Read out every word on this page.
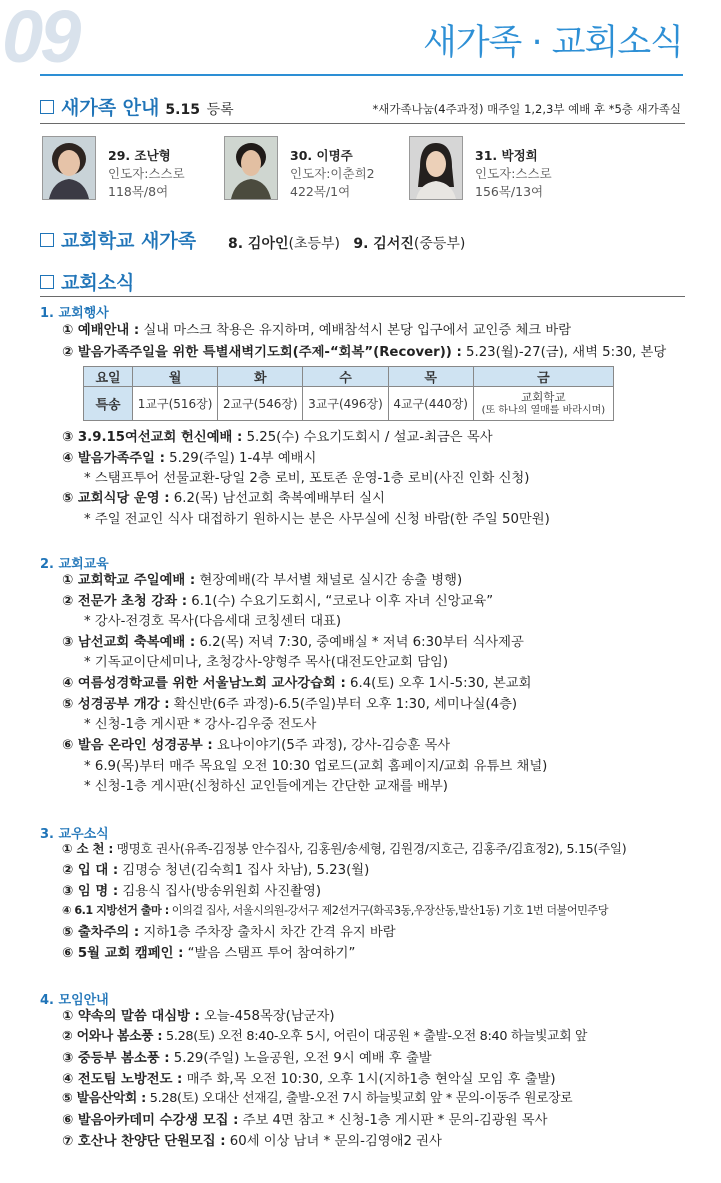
09	새가족 · 교회소식
새가족 안내 5.15 등록	*새가족나눔(4주과정) 매주일 1,2,3부 예배 후 *5층 새가족실
29. 조난형
인도자:스스로
118목/8여
30. 이명주
인도자:이춘희2
422목/1여
31. 박정희
인도자:스스로
156목/13여
교회학교 새가족 8. 김아인(초등부) 9. 김서진(중등부)
교회소식
1. 교회행사
① 예배안내 : 실내 마스크 착용은 유지하며, 예배참석시 본당 입구에서 교인증 체크 바람
② 발음가족주일을 위한 특별새벽기도회(주제-“회복”(Recover)) : 5.23(월)-27(금), 새벽 5:30, 본당
요일	월	화	수	목	금
특송	1교구(516장)	2교구(546장)	3교구(496장)	4교구(440장)	교회학교
(또 하나의 열매를 바라시며)
③ 3.9.15여선교회 헌신예배 : 5.25(수) 수요기도회시 / 설교-최금은 목사
④ 발음가족주일 : 5.29(주일) 1-4부 예배시
* 스탬프투어 선물교환-당일 2층 로비, 포토존 운영-1층 로비(사진 인화 신청)
⑤ 교회식당 운영 : 6.2(목) 남선교회 축복예배부터 실시
* 주일 전교인 식사 대접하기 원하시는 분은 사무실에 신청 바람(한 주일 50만원)
2. 교회교육
① 교회학교 주일예배 : 현장예배(각 부서별 채널로 실시간 송출 병행)
② 전문가 초청 강좌 : 6.1(수) 수요기도회시, “코로나 이후 자녀 신앙교육”
* 강사-전경호 목사(다음세대 코칭센터 대표)
③ 남선교회 축복예배 : 6.2(목) 저녁 7:30, 중예배실 * 저녁 6:30부터 식사제공
* 기독교이단세미나, 초청강사-양형주 목사(대전도안교회 담임)
④ 여름성경학교를 위한 서울남노회 교사강습회 : 6.4(토) 오후 1시-5:30, 본교회
⑤ 성경공부 개강 : 확신반(6주 과정)-6.5(주일)부터 오후 1:30, 세미나실(4층)
* 신청-1층 게시판 * 강사-김우중 전도사
⑥ 발음 온라인 성경공부 : 요나이야기(5주 과정), 강사-김승훈 목사
* 6.9(목)부터 매주 목요일 오전 10:30 업로드(교회 홈페이지/교회 유튜브 채널)
* 신청-1층 게시판(신청하신 교인들에게는 간단한 교재를 배부)
3. 교우소식
① 소 천 : 맹명호 권사(유족-김정봉 안수집사, 김홍원/송세형, 김원경/지호근, 김홍주/김효정2), 5.15(주일)
② 입 대 : 김명승 청년(김숙희1 집사 차남), 5.23(월)
③ 임 명 : 김용식 집사(방송위원회 사진촬영)
④ 6.1 지방선거 출마 : 이의걸 집사, 서울시의원-강서구 제2선거구(화곡3동,우장산동,발산1동) 기호 1번 더불어민주당
⑤ 출차주의 : 지하1층 주차장 출차시 차간 간격 유지 바람
⑥ 5월 교회 캠페인 : “발음 스탬프 투어 참여하기”
4. 모임안내
① 약속의 말씀 대심방 : 오늘-458목장(남군자)
② 어와나 봄소풍 : 5.28(토) 오전 8:40-오후 5시, 어린이 대공원 * 출발-오전 8:40 하늘빛교회 앞
③ 중등부 봄소풍 : 5.29(주일) 노을공원, 오전 9시 예배 후 출발
④ 전도팀 노방전도 : 매주 화,목 오전 10:30, 오후 1시(지하1층 현악실 모임 후 출발)
⑤ 발음산악회 : 5.28(토) 오대산 선재길, 출발-오전 7시 하늘빛교회 앞 * 문의-이동주 원로장로
⑥ 발음아카데미 수강생 모집 : 주보 4면 참고 * 신청-1층 게시판 * 문의-김광원 목사
⑦ 호산나 찬양단 단원모집 : 60세 이상 남녀 * 문의-김영애2 권사
